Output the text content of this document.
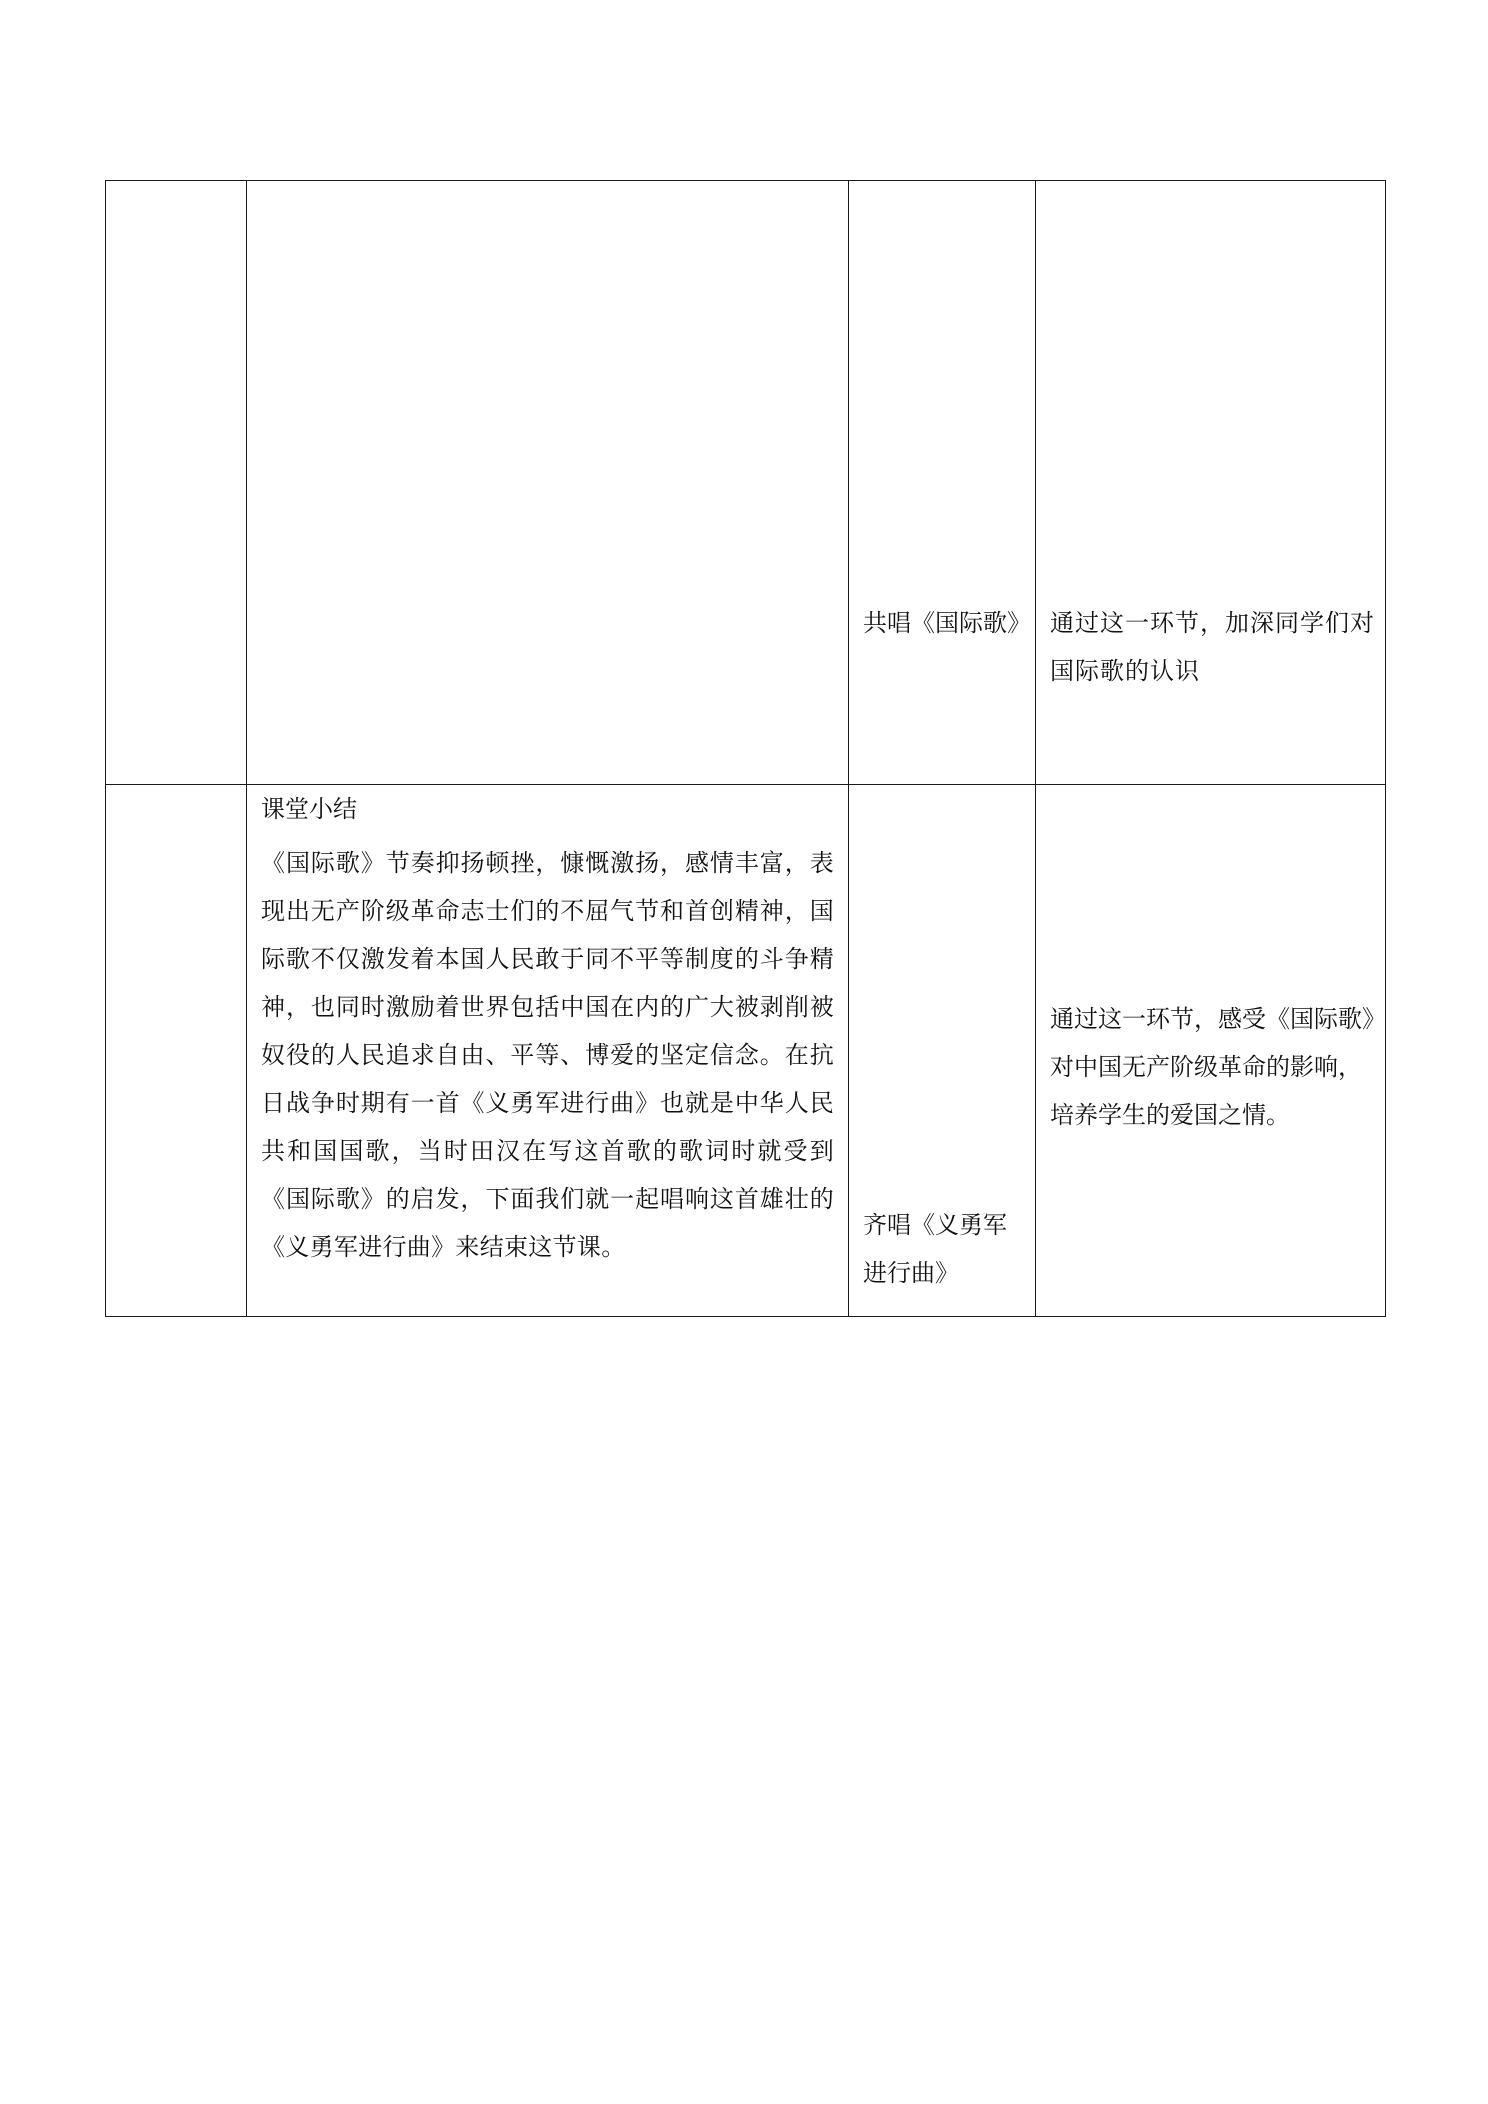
		共唱《国际歌》	通过这一环节，加深同学们对国际歌的认识

	课堂小结

《国际歌》节奏抑扬顿挫，慷慨激扬，感情丰富，表现出无产阶级革命志士们的不屈气节和首创精神，国际歌不仅激发着本国人民敢于同不平等制度的斗争精神，也同时激励着世界包括中国在内的广大被剥削被奴役的人民追求自由、平等、博爱的坚定信念。在抗日战争时期有一首《义勇军进行曲》也就是中华人民共和国国歌，当时田汉在写这首歌的歌词时就受到《国际歌》的启发，下面我们就一起唱响这首雄壮的《义勇军进行曲》来结束这节课。	齐唱《义勇军进行曲》	通过这一环节，感受《国际歌》对中国无产阶级革命的影响，培养学生的爱国之情。
